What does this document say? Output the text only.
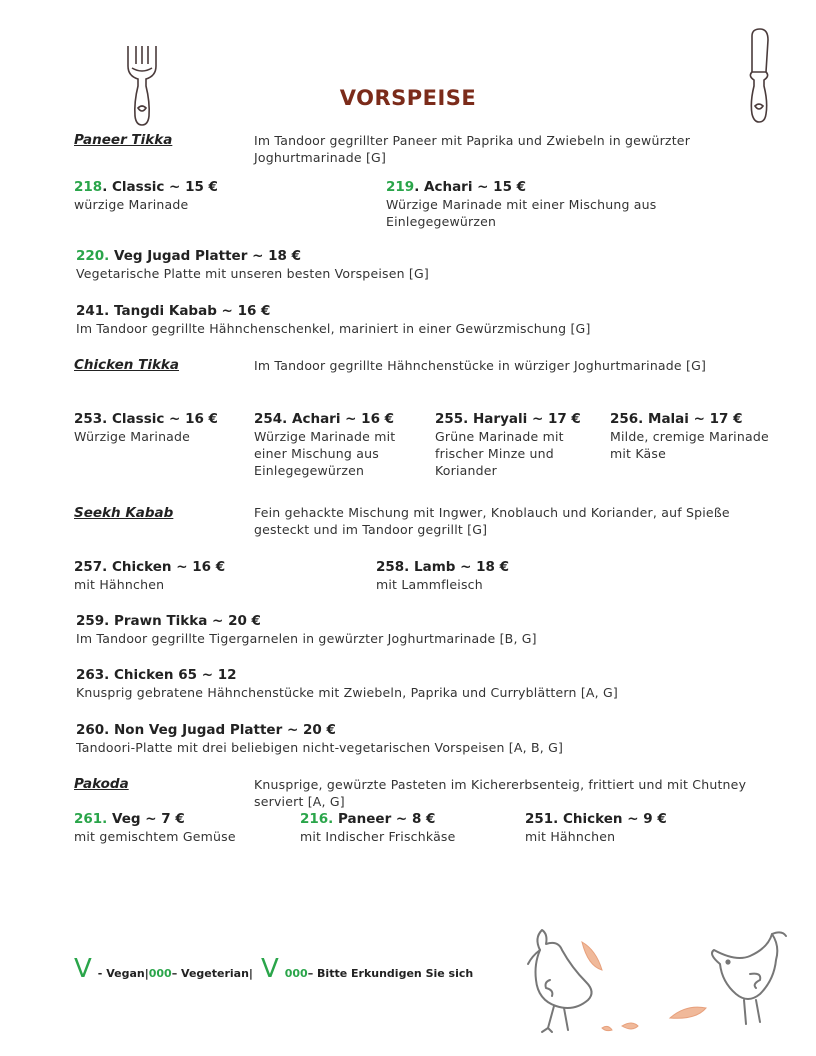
VORSPEISE
Paneer Tikka	Im Tandoor gegrillter Paneer mit Paprika und Zwiebeln in gewürzter Joghurtmarinade [G]
218. Classic ~ 15 €
würzige Marinade
219. Achari ~ 15 €
Würzige Marinade mit einer Mischung aus Einlegegewürzen
220. Veg Jugad Platter ~ 18 €
Vegetarische Platte mit unseren besten Vorspeisen [G]
241. Tangdi Kabab ~ 16 €
Im Tandoor gegrillte Hähnchenschenkel, mariniert in einer Gewürzmischung [G]
Chicken Tikka	Im Tandoor gegrillte Hähnchenstücke in würziger Joghurtmarinade [G]
253. Classic ~ 16 €
Würzige Marinade
254. Achari ~ 16 €
Würzige Marinade mit einer Mischung aus Einlegegewürzen
255. Haryali ~ 17 €
Grüne Marinade mit frischer Minze und Koriander
256. Malai ~ 17 €
Milde, cremige Marinade mit Käse
Seekh Kabab	Fein gehackte Mischung mit Ingwer, Knoblauch und Koriander, auf Spieße gesteckt und im Tandoor gegrillt [G]
257. Chicken ~ 16 €
mit Hähnchen
258. Lamb ~ 18 €
mit Lammfleisch
259. Prawn Tikka ~ 20 €
Im Tandoor gegrillte Tigergarnelen in gewürzter Joghurtmarinade [B, G]
263. Chicken 65 ~ 12
Knusprig gebratene Hähnchenstücke mit Zwiebeln, Paprika und Curryblättern [A, G]
260. Non Veg Jugad Platter ~ 20 €
Tandoori-Platte mit drei beliebigen nicht-vegetarischen Vorspeisen [A, B, G]
Pakoda	Knusprige, gewürzte Pasteten im Kichererbsenteig, frittiert und mit Chutney serviert [A, G]
261. Veg ~ 7 €
mit gemischtem Gemüse
216. Paneer ~ 8 €
mit Indischer Frischkäse
251. Chicken ~ 9 €
mit Hähnchen
V - Vegan | 000 – Vegeterian | V 000 – Bitte Erkundigen Sie sich
